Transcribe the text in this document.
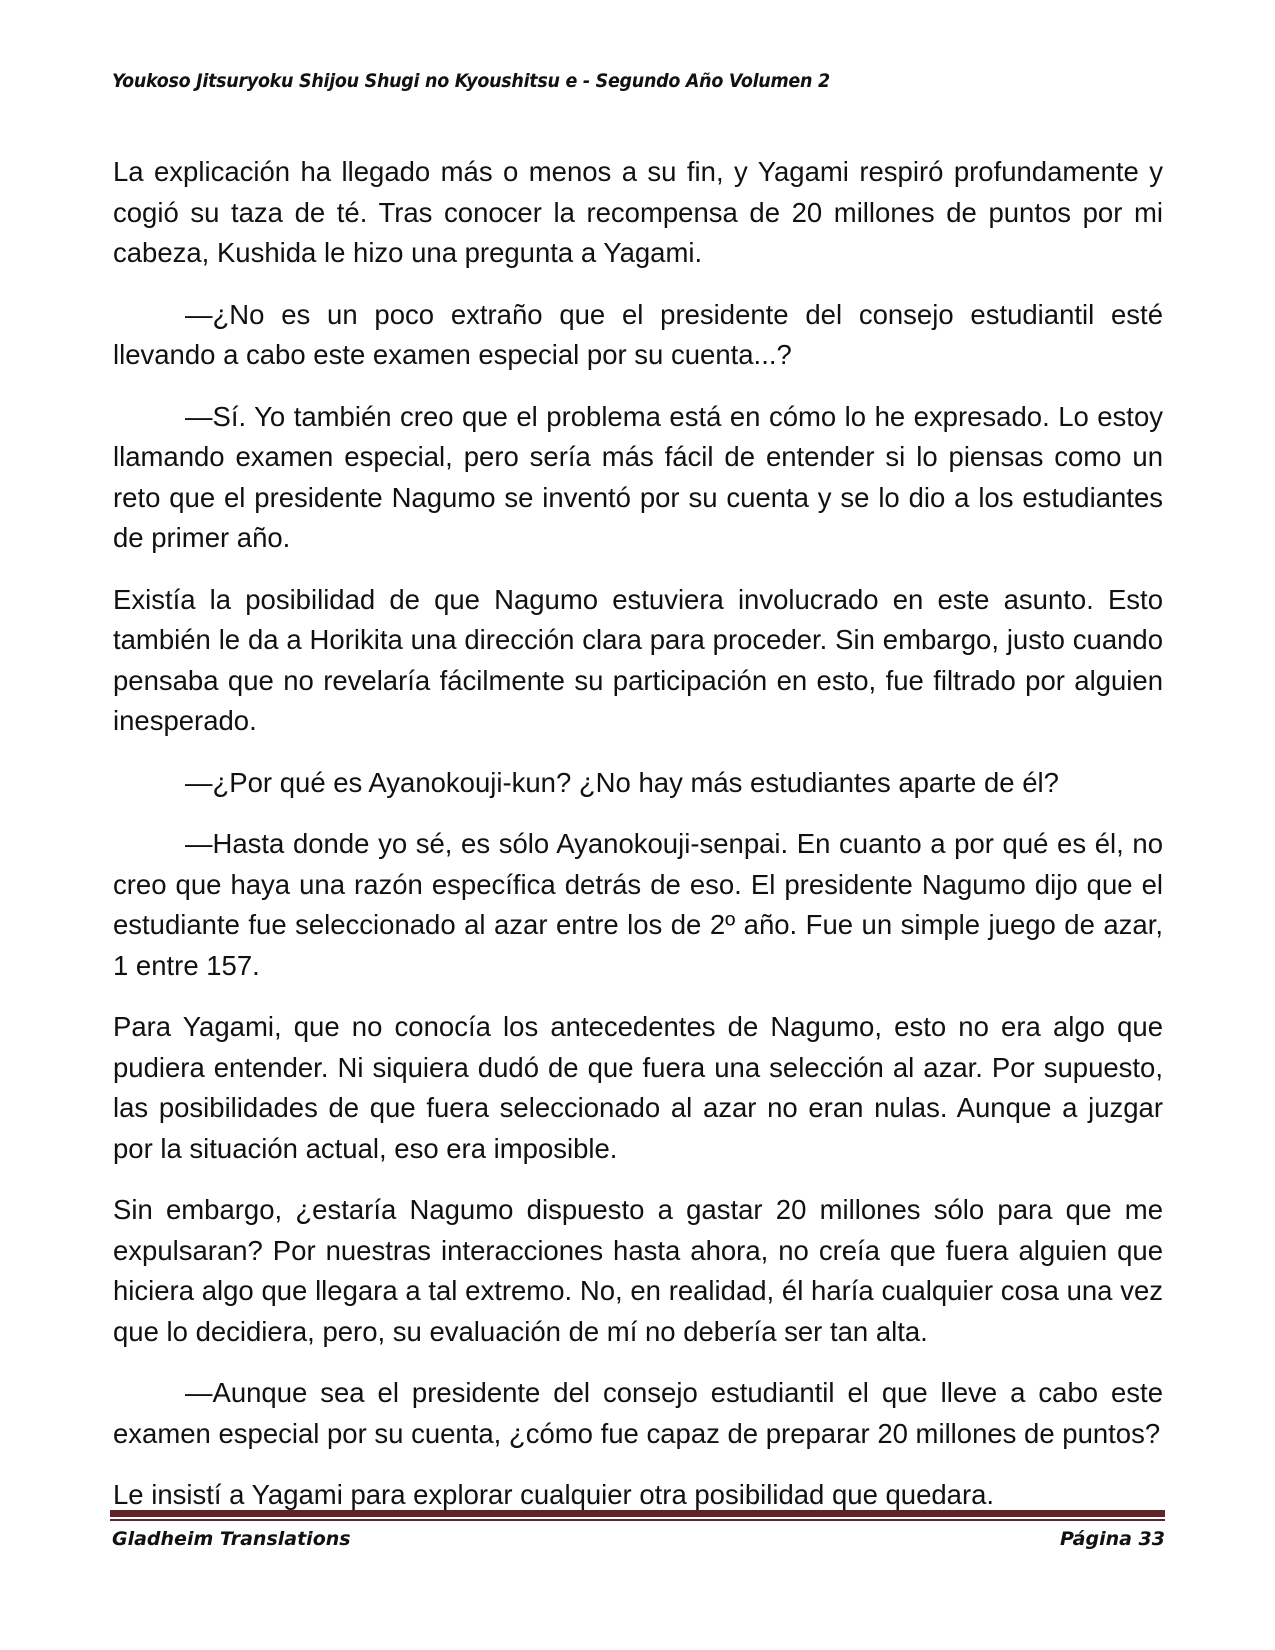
Youkoso Jitsuryoku Shijou Shugi no Kyoushitsu e - Segundo Año Volumen 2

La explicación ha llegado más o menos a su fin, y Yagami respiró profundamente y cogió su taza de té. Tras conocer la recompensa de 20 millones de puntos por mi cabeza, Kushida le hizo una pregunta a Yagami.

—¿No es un poco extraño que el presidente del consejo estudiantil esté llevando a cabo este examen especial por su cuenta...?

—Sí. Yo también creo que el problema está en cómo lo he expresado. Lo estoy llamando examen especial, pero sería más fácil de entender si lo piensas como un reto que el presidente Nagumo se inventó por su cuenta y se lo dio a los estudiantes de primer año.

Existía la posibilidad de que Nagumo estuviera involucrado en este asunto. Esto también le da a Horikita una dirección clara para proceder. Sin embargo, justo cuando pensaba que no revelaría fácilmente su participación en esto, fue filtrado por alguien inesperado.

—¿Por qué es Ayanokouji-kun? ¿No hay más estudiantes aparte de él?

—Hasta donde yo sé, es sólo Ayanokouji-senpai. En cuanto a por qué es él, no creo que haya una razón específica detrás de eso. El presidente Nagumo dijo que el estudiante fue seleccionado al azar entre los de 2º año. Fue un simple juego de azar, 1 entre 157.

Para Yagami, que no conocía los antecedentes de Nagumo, esto no era algo que pudiera entender. Ni siquiera dudó de que fuera una selección al azar. Por supuesto, las posibilidades de que fuera seleccionado al azar no eran nulas. Aunque a juzgar por la situación actual, eso era imposible.

Sin embargo, ¿estaría Nagumo dispuesto a gastar 20 millones sólo para que me expulsaran? Por nuestras interacciones hasta ahora, no creía que fuera alguien que hiciera algo que llegara a tal extremo. No, en realidad, él haría cualquier cosa una vez que lo decidiera, pero, su evaluación de mí no debería ser tan alta.

—Aunque sea el presidente del consejo estudiantil el que lleve a cabo este examen especial por su cuenta, ¿cómo fue capaz de preparar 20 millones de puntos?

Le insistí a Yagami para explorar cualquier otra posibilidad que quedara.

Gladheim Translations	Página 33
